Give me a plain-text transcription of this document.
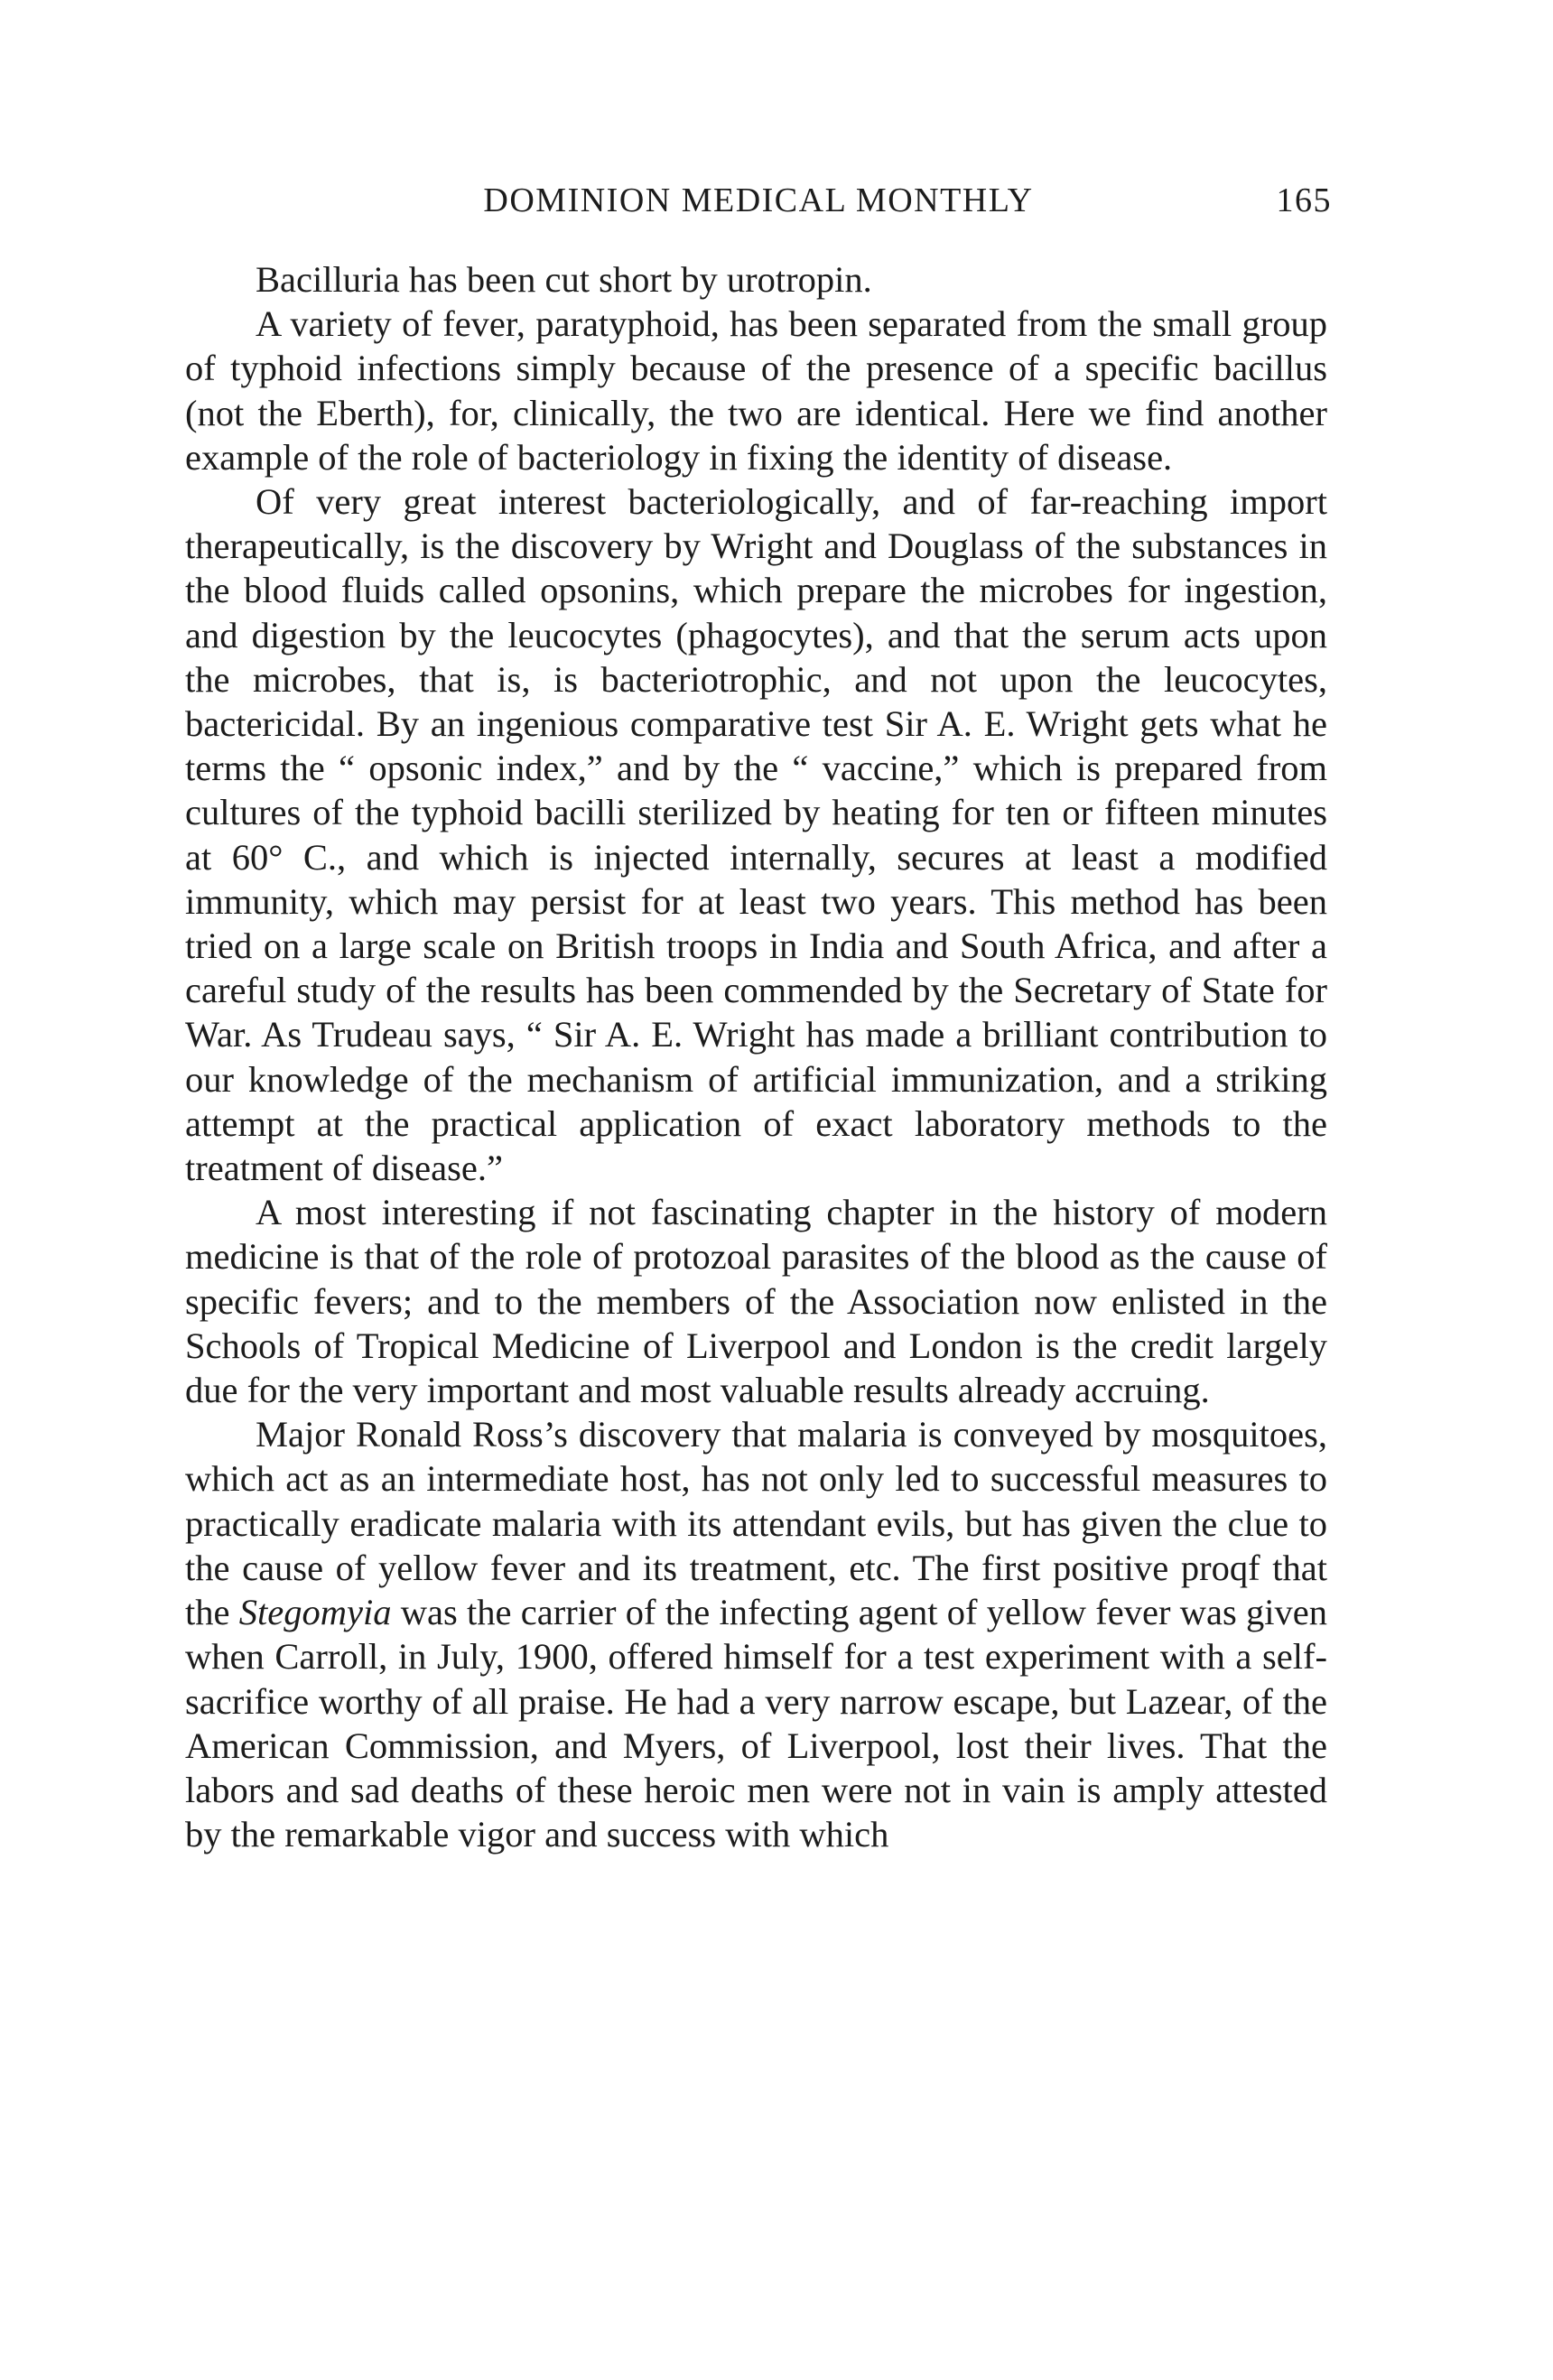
DOMINION MEDICAL MONTHLY	165

Bacilluria has been cut short by urotropin.

A variety of fever, paratyphoid, has been separated from the small group of typhoid infections simply because of the presence of a specific bacillus (not the Eberth), for, clinically, the two are identical. Here we find another example of the role of bacteriology in fixing the identity of disease.

Of very great interest bacteriologically, and of far-reaching import therapeutically, is the discovery by Wright and Douglass of the substances in the blood fluids called opsonins, which prepare the microbes for ingestion, and digestion by the leucocytes (phagocytes), and that the serum acts upon the microbes, that is, is bacteriotrophic, and not upon the leucocytes, bactericidal. By an ingenious comparative test Sir A. E. Wright gets what he terms the “ opsonic index,” and by the “ vaccine,” which is prepared from cultures of the typhoid bacilli sterilized by heating for ten or fifteen minutes at 60° C., and which is injected internally, secures at least a modified immunity, which may persist for at least two years. This method has been tried on a large scale on British troops in India and South Africa, and after a careful study of the results has been commended by the Secretary of State for War. As Trudeau says, “ Sir A. E. Wright has made a brilliant contribution to our knowledge of the mechanism of artificial immunization, and a striking attempt at the practical application of exact laboratory methods to the treatment of disease.”

A most interesting if not fascinating chapter in the history of modern medicine is that of the role of protozoal parasites of the blood as the cause of specific fevers; and to the members of the Association now enlisted in the Schools of Tropical Medicine of Liverpool and London is the credit largely due for the very important and most valuable results already accruing.

Major Ronald Ross’s discovery that malaria is conveyed by mosquitoes, which act as an intermediate host, has not only led to successful measures to practically eradicate malaria with its attendant evils, but has given the clue to the cause of yellow fever and its treatment, etc. The first positive proqf that the Stegomyia was the carrier of the infecting agent of yellow fever was given when Carroll, in July, 1900, offered himself for a test experiment with a self-sacrifice worthy of all praise. He had a very narrow escape, but Lazear, of the American Commission, and Myers, of Liverpool, lost their lives. That the labors and sad deaths of these heroic men were not in vain is amply attested by the remarkable vigor and success with which
